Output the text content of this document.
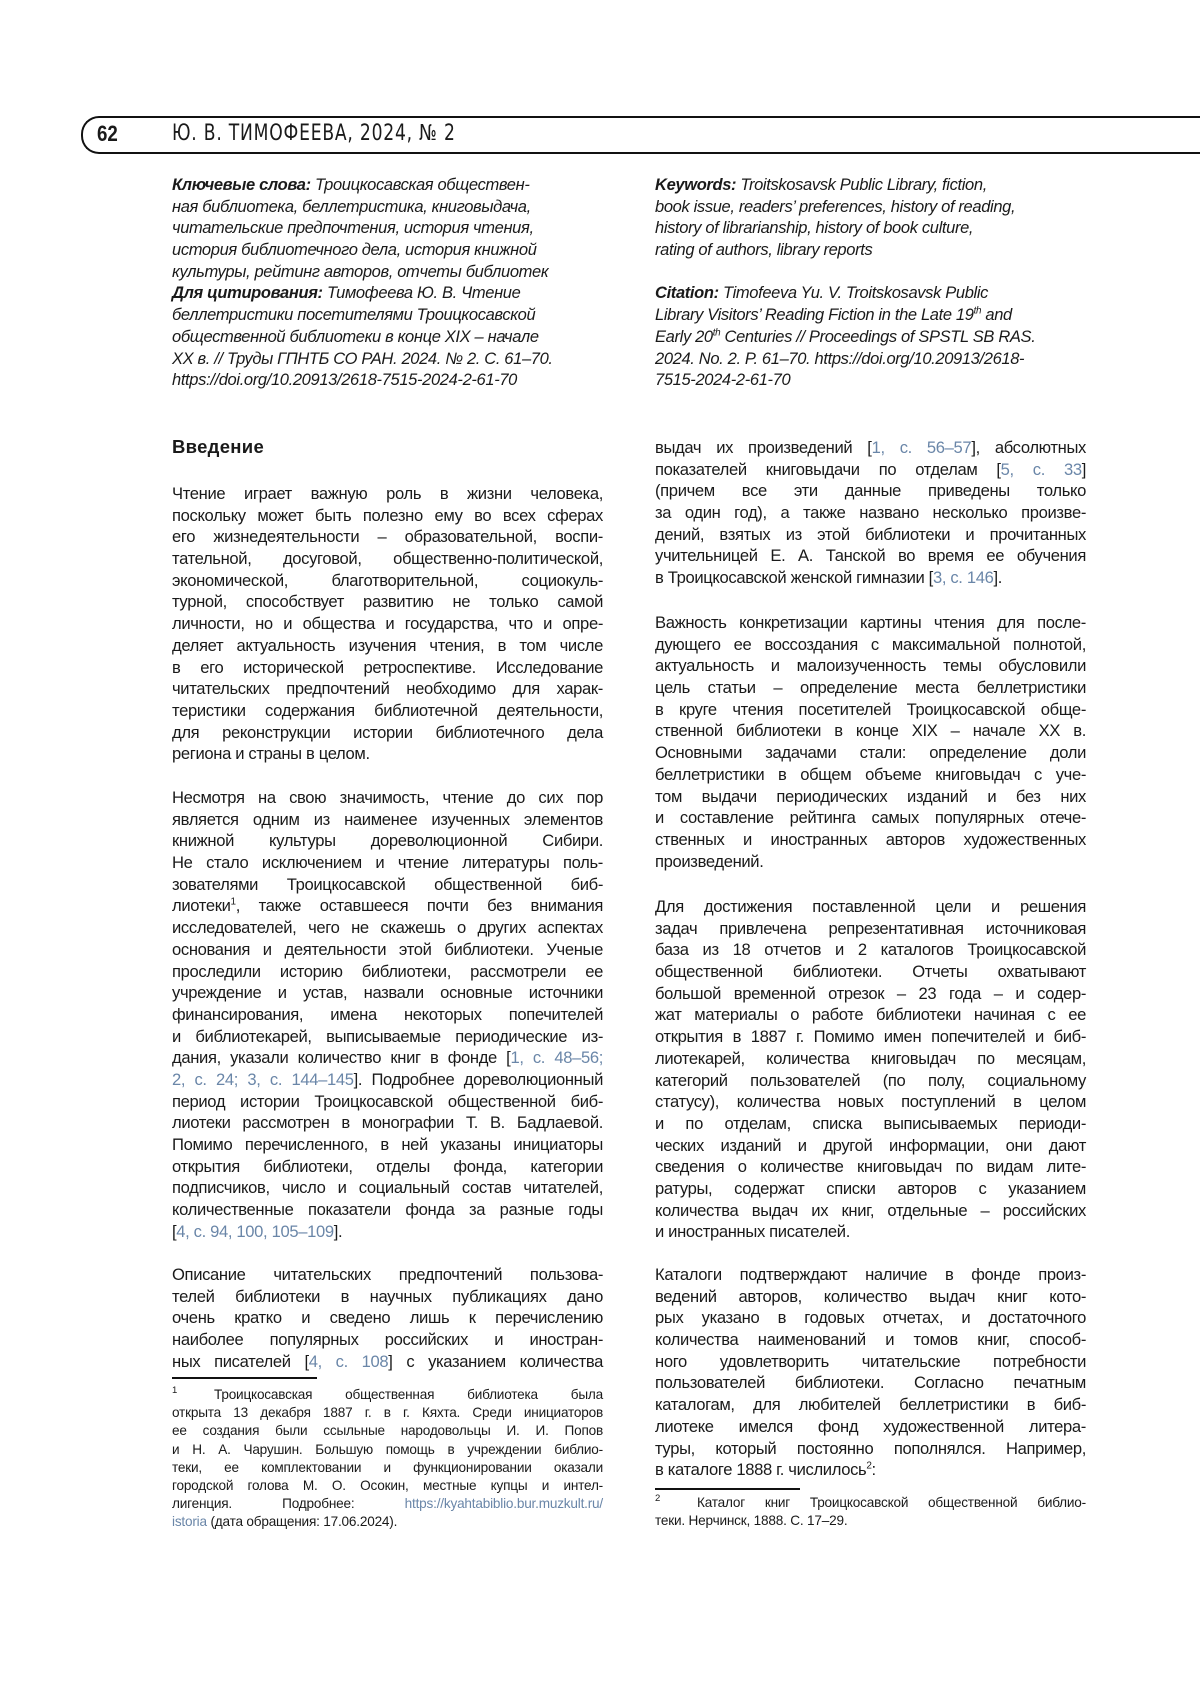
62 Ю. В. ТИМОФЕЕВА, 2024, № 2
Ключевые слова: Троицкосавская обществен-
ная библиотека, беллетристика, книговыдача,
читательские предпочтения, история чтения,
история библиотечного дела, история книжной
культуры, рейтинг авторов, отчеты библиотек
Для цитирования: Тимофеева Ю. В. Чтение
беллетристики посетителями Троицкосавской
общественной библиотеки в конце XIX – начале
XX в. // Труды ГПНТБ СО РАН. 2024. № 2. С. 61–70.
https://doi.org/10.20913/2618-7515-2024-2-61-70
Keywords: Troitskosavsk Public Library, fiction,
book issue, readers’ preferences, history of reading,
history of librarianship, history of book culture,
rating of authors, library reports

Citation: Timofeeva Yu. V. Troitskosavsk Public
Library Visitors’ Reading Fiction in the Late 19th and
Early 20th Centuries // Proceedings of SPSTL SB RAS.
2024. No. 2. P. 61–70. https://doi.org/10.20913/2618-
7515-2024-2-61-70
Введение
Чтение играет важную роль в жизни человека,
поскольку может быть полезно ему во всех сферах
его жизнедеятельности – образовательной, воспи-
тательной, досуговой, общественно-политической,
экономической, благотворительной, социокуль-
турной, способствует развитию не только самой
личности, но и общества и государства, что и опре-
деляет актуальность изучения чтения, в том числе
в его исторической ретроспективе. Исследование
читательских предпочтений необходимо для харак-
теристики содержания библиотечной деятельности,
для реконструкции истории библиотечного дела
региона и страны в целом.
Несмотря на свою значимость, чтение до сих пор
является одним из наименее изученных элементов
книжной культуры дореволюционной Сибири.
Не стало исключением и чтение литературы поль-
зователями Троицкосавской общественной биб-
лиотеки1, также оставшееся почти без внимания
исследователей, чего не скажешь о других аспектах
основания и деятельности этой библиотеки. Ученые
проследили историю библиотеки, рассмотрели ее
учреждение и устав, назвали основные источники
финансирования, имена некоторых попечителей
и библиотекарей, выписываемые периодические из-
дания, указали количество книг в фонде [1, с. 48–56;
2, с. 24; 3, с. 144–145]. Подробнее дореволюционный
период истории Троицкосавской общественной биб-
лиотеки рассмотрен в монографии Т. В. Бадлаевой.
Помимо перечисленного, в ней указаны инициаторы
открытия библиотеки, отделы фонда, категории
подписчиков, число и социальный состав читателей,
количественные показатели фонда за разные годы
[4, с. 94, 100, 105–109].
Описание читательских предпочтений пользова-
телей библиотеки в научных публикациях дано
очень кратко и сведено лишь к перечислению
наиболее популярных российских и иностран-
ных писателей [4, с. 108] с указанием количества
1	Троицкосавская общественная библиотека была
открыта 13 декабря 1887 г. в г. Кяхта. Среди инициаторов
ее создания были ссыльные народовольцы И. И. Попов
и Н. А. Чарушин. Большую помощь в учреждении библио-
теки, ее комплектовании и функционировании оказали
городской голова М. О. Осокин, местные купцы и интел-
лигенция. Подробнее: https://kyahtabiblio.bur.muzkult.ru/
istoria (дата обращения: 17.06.2024).
выдач их произведений [1, с. 56–57], абсолютных
показателей книговыдачи по отделам [5, с. 33]
(причем все эти данные приведены только
за один год), а также названо несколько произве-
дений, взятых из этой библиотеки и прочитанных
учительницей Е. А. Танской во время ее обучения
в Троицкосавской женской гимназии [3, с. 146].
Важность конкретизации картины чтения для после-
дующего ее воссоздания с максимальной полнотой,
актуальность и малоизученность темы обусловили
цель статьи – определение места беллетристики
в круге чтения посетителей Троицкосавской обще-
ственной библиотеки в конце XIX – начале XX в.
Основными задачами стали: определение доли
беллетристики в общем объеме книговыдач с уче-
том выдачи периодических изданий и без них
и составление рейтинга самых популярных отече-
ственных и иностранных авторов художественных
произведений.
Для достижения поставленной цели и решения
задач привлечена репрезентативная источниковая
база из 18 отчетов и 2 каталогов Троицкосавской
общественной библиотеки. Отчеты охватывают
большой временной отрезок – 23 года – и содер-
жат материалы о работе библиотеки начиная с ее
открытия в 1887 г. Помимо имен попечителей и биб-
лиотекарей, количества книговыдач по месяцам,
категорий пользователей (по полу, социальному
статусу), количества новых поступлений в целом
и по отделам, списка выписываемых периоди-
ческих изданий и другой информации, они дают
сведения о количестве книговыдач по видам лите-
ратуры, содержат списки авторов с указанием
количества выдач их книг, отдельные – российских
и иностранных писателей.
Каталоги подтверждают наличие в фонде произ-
ведений авторов, количество выдач книг кото-
рых указано в годовых отчетах, и достаточного
количества наименований и томов книг, способ-
ного удовлетворить читательские потребности
пользователей библиотеки. Согласно печатным
каталогам, для любителей беллетристики в биб-
лиотеке имелся фонд художественной литера-
туры, который постоянно пополнялся. Например,
в каталоге 1888 г. числилось2:
2	Каталог книг Троицкосавской общественной библио-
теки. Нерчинск, 1888. С. 17–29.
